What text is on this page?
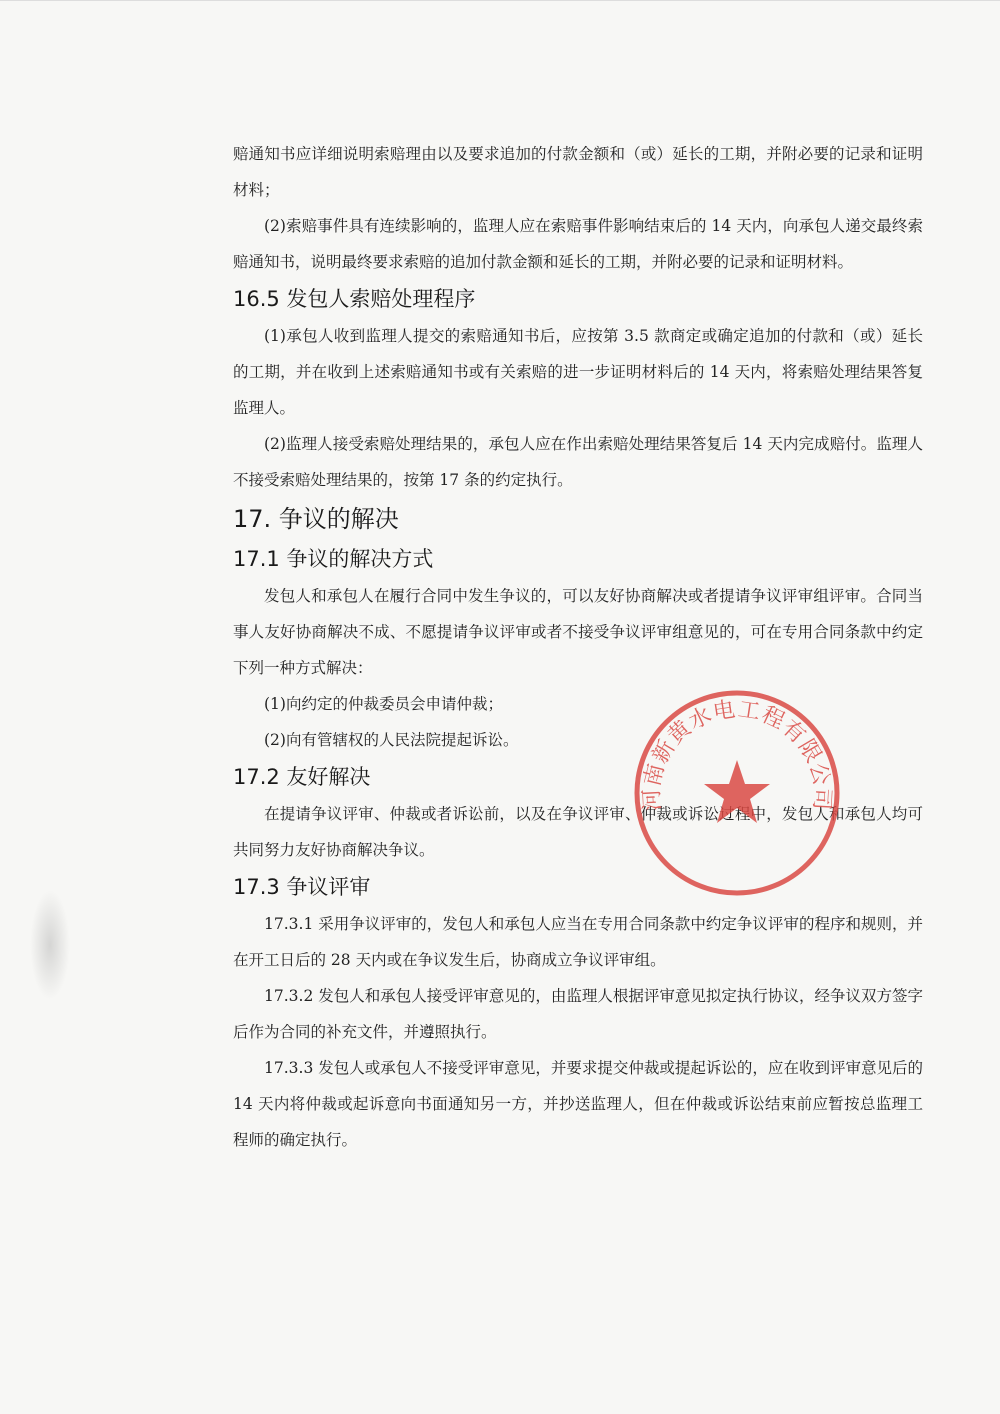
赔通知书应详细说明索赔理由以及要求追加的付款金额和（或）延长的工期，并附必要的记录和证明材料；

(2)索赔事件具有连续影响的，监理人应在索赔事件影响结束后的 14 天内，向承包人递交最终索赔通知书，说明最终要求索赔的追加付款金额和延长的工期，并附必要的记录和证明材料。

16.5 发包人索赔处理程序

(1)承包人收到监理人提交的索赔通知书后，应按第 3.5 款商定或确定追加的付款和（或）延长的工期，并在收到上述索赔通知书或有关索赔的进一步证明材料后的 14 天内，将索赔处理结果答复监理人。

(2)监理人接受索赔处理结果的，承包人应在作出索赔处理结果答复后 14 天内完成赔付。监理人不接受索赔处理结果的，按第 17 条的约定执行。

17. 争议的解决
17.1 争议的解决方式

发包人和承包人在履行合同中发生争议的，可以友好协商解决或者提请争议评审组评审。合同当事人友好协商解决不成、不愿提请争议评审或者不接受争议评审组意见的，可在专用合同条款中约定下列一种方式解决：

(1)向约定的仲裁委员会申请仲裁；

(2)向有管辖权的人民法院提起诉讼。

17.2 友好解决

在提请争议评审、仲裁或者诉讼前，以及在争议评审、仲裁或诉讼过程中，发包人和承包人均可共同努力友好协商解决争议。

17.3 争议评审

17.3.1 采用争议评审的，发包人和承包人应当在专用合同条款中约定争议评审的程序和规则，并在开工日后的 28 天内或在争议发生后，协商成立争议评审组。

17.3.2 发包人和承包人接受评审意见的，由监理人根据评审意见拟定执行协议，经争议双方签字后作为合同的补充文件，并遵照执行。

17.3.3 发包人或承包人不接受评审意见，并要求提交仲裁或提起诉讼的，应在收到评审意见后的 14 天内将仲裁或起诉意向书面通知另一方，并抄送监理人，但在仲裁或诉讼结束前应暂按总监理工程师的确定执行。

河南新黄水电工程有限公司
